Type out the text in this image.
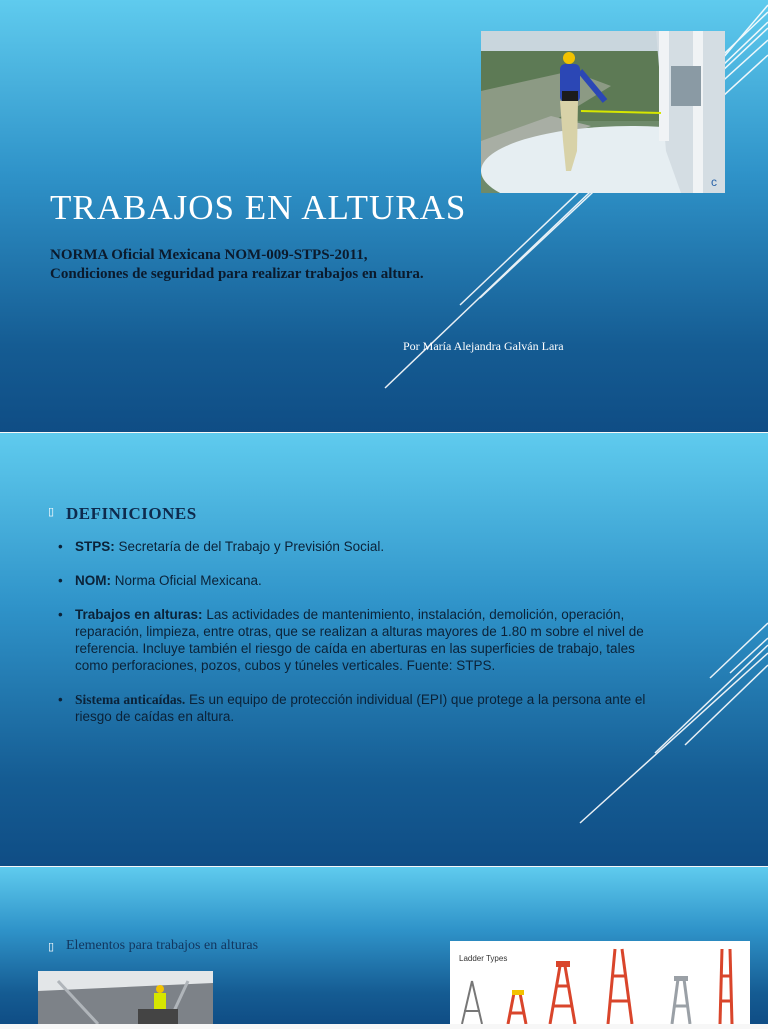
c
TRABAJOS EN ALTURAS

NORMA Oficial Mexicana NOM-009-STPS-2011, Condiciones de seguridad para realizar trabajos en altura.

Por María Alejandra Galván Lara

▯ DEFINICIONES
• STPS: Secretaría de del Trabajo y Previsión Social.
• NOM: Norma Oficial Mexicana.
• Trabajos en alturas: Las actividades de mantenimiento, instalación, demolición, operación, reparación, limpieza, entre otras, que se realizan a alturas mayores de 1.80 m sobre el nivel de referencia. Incluye también el riesgo de caída en aberturas en las superficies de trabajo, tales como perforaciones, pozos, cubos y túneles verticales. Fuente: STPS.
• Sistema anticaídas. Es un equipo de protección individual (EPI) que protege a la persona ante el riesgo de caídas en altura.
▯ Elementos para trabajos en alturas

Ladder Types
